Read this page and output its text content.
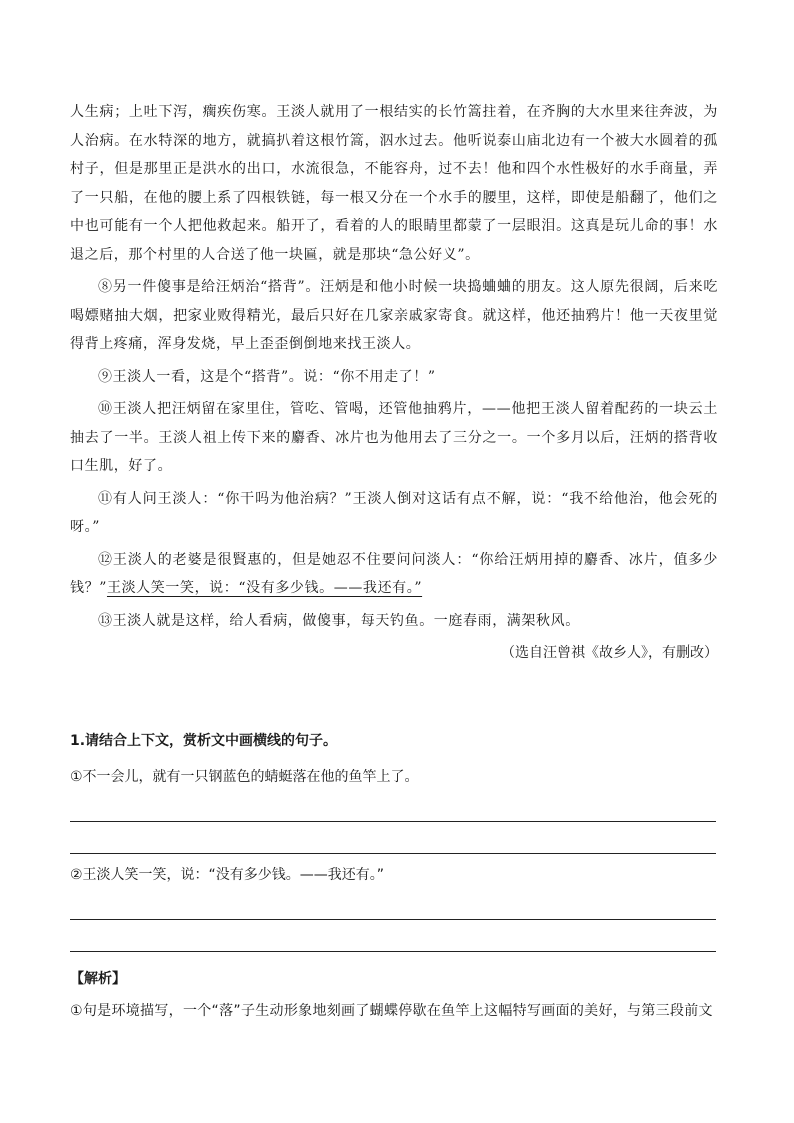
人生病；上吐下泻，瘸疾伤寒。王淡人就用了一根结实的长竹篙拄着，在齐胸的大水里来往奔波，为人治病。在水特深的地方，就搞扒着这根竹篙，泅水过去。他听说泰山庙北边有一个被大水圆着的孤村子，但是那里正是洪水的出口，水流很急，不能容舟，过不去！他和四个水性极好的水手商量，弄了一只船，在他的腰上系了四根铁链，每一根又分在一个水手的腰里，这样，即使是船翻了，他们之中也可能有一个人把他救起来。船开了，看着的人的眼睛里都蒙了一层眼泪。这真是玩儿命的事！水退之后，那个村里的人合送了他一块匾，就是那块“急公好义”。

⑧另一件傻事是给汪炳治“搭背”。汪炳是和他小时候一块捣蛐蛐的朋友。这人原先很阔，后来吃喝嫖赌抽大烟，把家业败得精光，最后只好在几家亲戚家寄食。就这样，他还抽鸦片！他一天夜里觉得背上疼痛，浑身发烧，早上歪歪倒倒地来找王淡人。

⑨王淡人一看，这是个“搭背”。说：“你不用走了！”

⑩王淡人把汪炳留在家里住，管吃、管喝，还管他抽鸦片，——他把王淡人留着配药的一块云土抽去了一半。王淡人祖上传下来的麝香、冰片也为他用去了三分之一。一个多月以后，汪炳的搭背收口生肌，好了。

⑪有人问王淡人：“你干吗为他治病？”王淡人倒对这话有点不解，说：“我不给他治，他会死的呀。”

⑫王淡人的老婆是很賢惠的，但是她忍不住要问问淡人：“你给汪炳用掉的麝香、冰片，值多少钱？”王淡人笑一笑，说：“没有多少钱。——我还有。”

⑬王淡人就是这样，给人看病，做傻事，每天钓鱼。一庭春雨，满架秋风。

（选自汪曾祺《故乡人》，有删改）

1.请结合上下文，赏析文中画横线的句子。

①不一会儿，就有一只钢蓝色的蜻蜓落在他的鱼竿上了。

②王淡人笑一笑，说：“没有多少钱。——我还有。”

【解析】

①句是环境描写，一个“落”子生动形象地刻画了蝴蝶停歇在鱼竿上这幅特写画面的美好，与第三段前文
